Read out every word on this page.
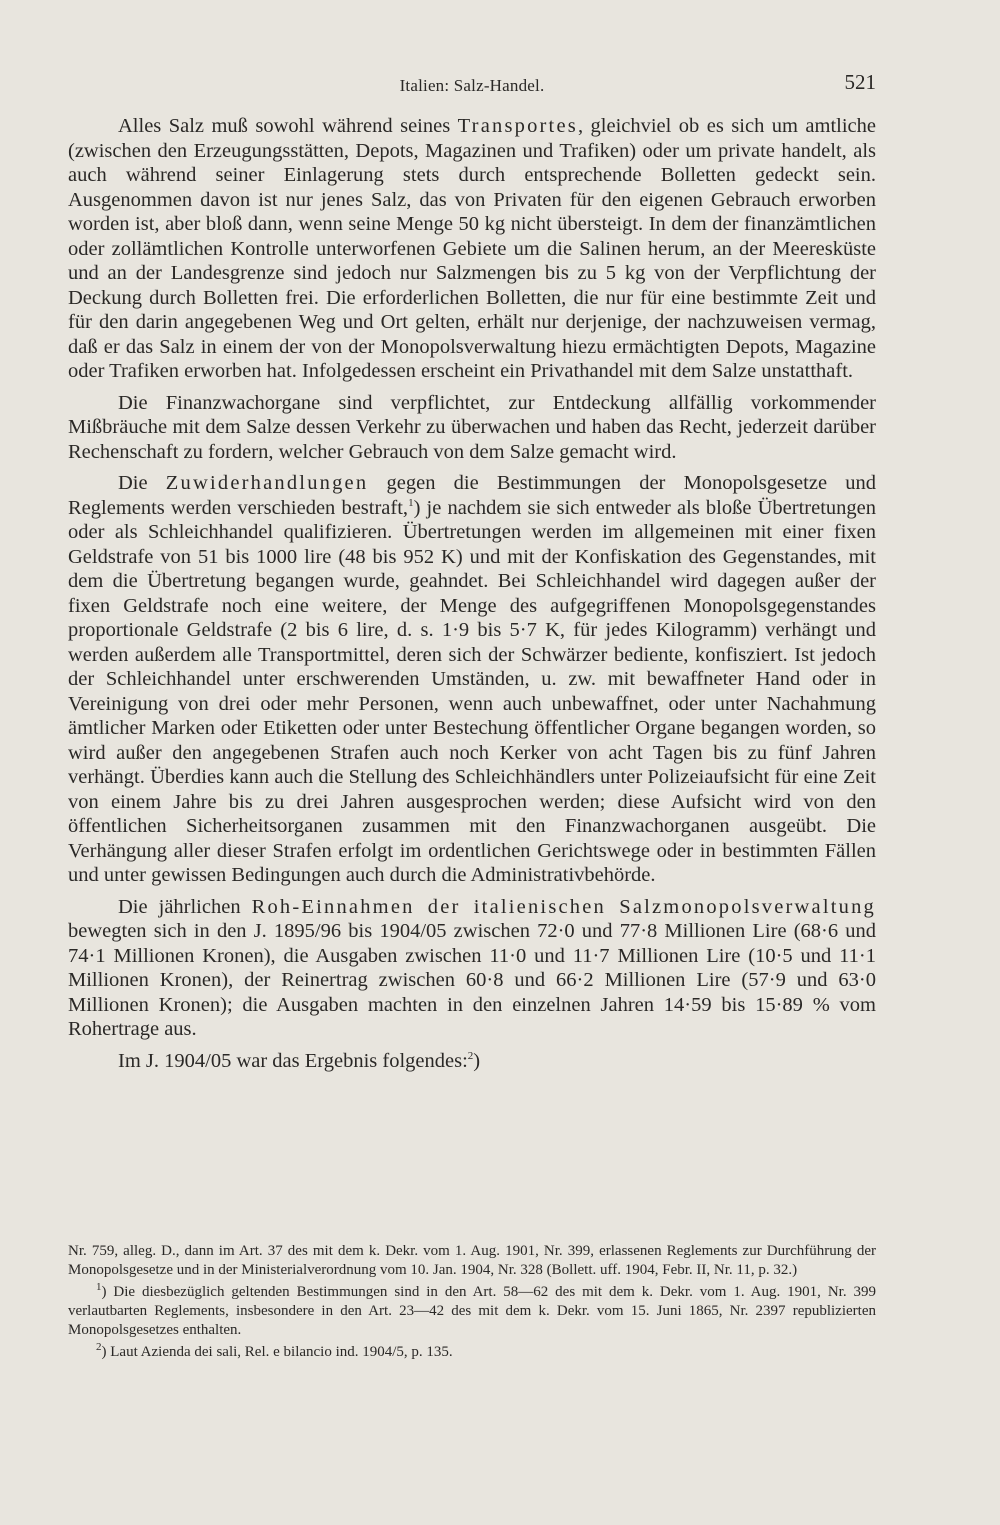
Italien: Salz-Handel.	521

Alles Salz muß sowohl während seines Transportes, gleichviel ob es sich um amtliche (zwischen den Erzeugungsstätten, Depots, Magazinen und Trafiken) oder um private handelt, als auch während seiner Einlagerung stets durch entsprechende Bolletten gedeckt sein. Ausgenommen davon ist nur jenes Salz, das von Privaten für den eigenen Gebrauch erworben worden ist, aber bloß dann, wenn seine Menge 50 kg nicht übersteigt. In dem der finanzämtlichen oder zollämtlichen Kontrolle unterworfenen Gebiete um die Salinen herum, an der Meeresküste und an der Landesgrenze sind jedoch nur Salzmengen bis zu 5 kg von der Verpflichtung der Deckung durch Bolletten frei. Die erforderlichen Bolletten, die nur für eine bestimmte Zeit und für den darin angegebenen Weg und Ort gelten, erhält nur derjenige, der nachzuweisen vermag, daß er das Salz in einem der von der Monopolsverwaltung hiezu ermächtigten Depots, Magazine oder Trafiken erworben hat. Infolgedessen erscheint ein Privathandel mit dem Salze unstatthaft.

Die Finanzwachorgane sind verpflichtet, zur Entdeckung allfällig vorkommender Mißbräuche mit dem Salze dessen Verkehr zu überwachen und haben das Recht, jederzeit darüber Rechenschaft zu fordern, welcher Gebrauch von dem Salze gemacht wird.

Die Zuwiderhandlungen gegen die Bestimmungen der Monopolsgesetze und Reglements werden verschieden bestraft,$^1$) je nachdem sie sich entweder als bloße Übertretungen oder als Schleichhandel qualifizieren. Übertretungen werden im allgemeinen mit einer fixen Geldstrafe von 51 bis 1000 lire (48 bis 952 K) und mit der Konfiskation des Gegenstandes, mit dem die Übertretung begangen wurde, geahndet. Bei Schleichhandel wird dagegen außer der fixen Geldstrafe noch eine weitere, der Menge des aufgegriffenen Monopolsgegenstandes proportionale Geldstrafe (2 bis 6 lire, d. s. 1·9 bis 5·7 K, für jedes Kilogramm) verhängt und werden außerdem alle Transportmittel, deren sich der Schwärzer bediente, konfisziert. Ist jedoch der Schleichhandel unter erschwerenden Umständen, u. zw. mit bewaffneter Hand oder in Vereinigung von drei oder mehr Personen, wenn auch unbewaffnet, oder unter Nachahmung ämtlicher Marken oder Etiketten oder unter Bestechung öffentlicher Organe begangen worden, so wird außer den angegebenen Strafen auch noch Kerker von acht Tagen bis zu fünf Jahren verhängt. Überdies kann auch die Stellung des Schleichhändlers unter Polizeiaufsicht für eine Zeit von einem Jahre bis zu drei Jahren ausgesprochen werden; diese Aufsicht wird von den öffentlichen Sicherheitsorganen zusammen mit den Finanzwachorganen ausgeübt. Die Verhängung aller dieser Strafen erfolgt im ordentlichen Gerichtswege oder in bestimmten Fällen und unter gewissen Bedingungen auch durch die Administrativbehörde.

Die jährlichen Roh-Einnahmen der italienischen Salzmonopolsverwaltung bewegten sich in den J. 1895/96 bis 1904/05 zwischen 72·0 und 77·8 Millionen Lire (68·6 und 74·1 Millionen Kronen), die Ausgaben zwischen 11·0 und 11·7 Millionen Lire (10·5 und 11·1 Millionen Kronen), der Reinertrag zwischen 60·8 und 66·2 Millionen Lire (57·9 und 63·0 Millionen Kronen); die Ausgaben machten in den einzelnen Jahren 14·59 bis 15·89 % vom Rohertrage aus.

Im J. 1904/05 war das Ergebnis folgendes:$^2$)

Nr. 759, alleg. D., dann im Art. 37 des mit dem k. Dekr. vom 1. Aug. 1901, Nr. 399, erlassenen Reglements zur Durchführung der Monopolsgesetze und in der Ministerialverordnung vom 10. Jan. 1904, Nr. 328 (Bollett. uff. 1904, Febr. II, Nr. 11, p. 32.)

$^1$) Die diesbezüglich geltenden Bestimmungen sind in den Art. 58—62 des mit dem k. Dekr. vom 1. Aug. 1901, Nr. 399 verlautbarten Reglements, insbesondere in den Art. 23—42 des mit dem k. Dekr. vom 15. Juni 1865, Nr. 2397 republizierten Monopolsgesetzes enthalten.

$^2$) Laut Azienda dei sali, Rel. e bilancio ind. 1904/5, p. 135.
